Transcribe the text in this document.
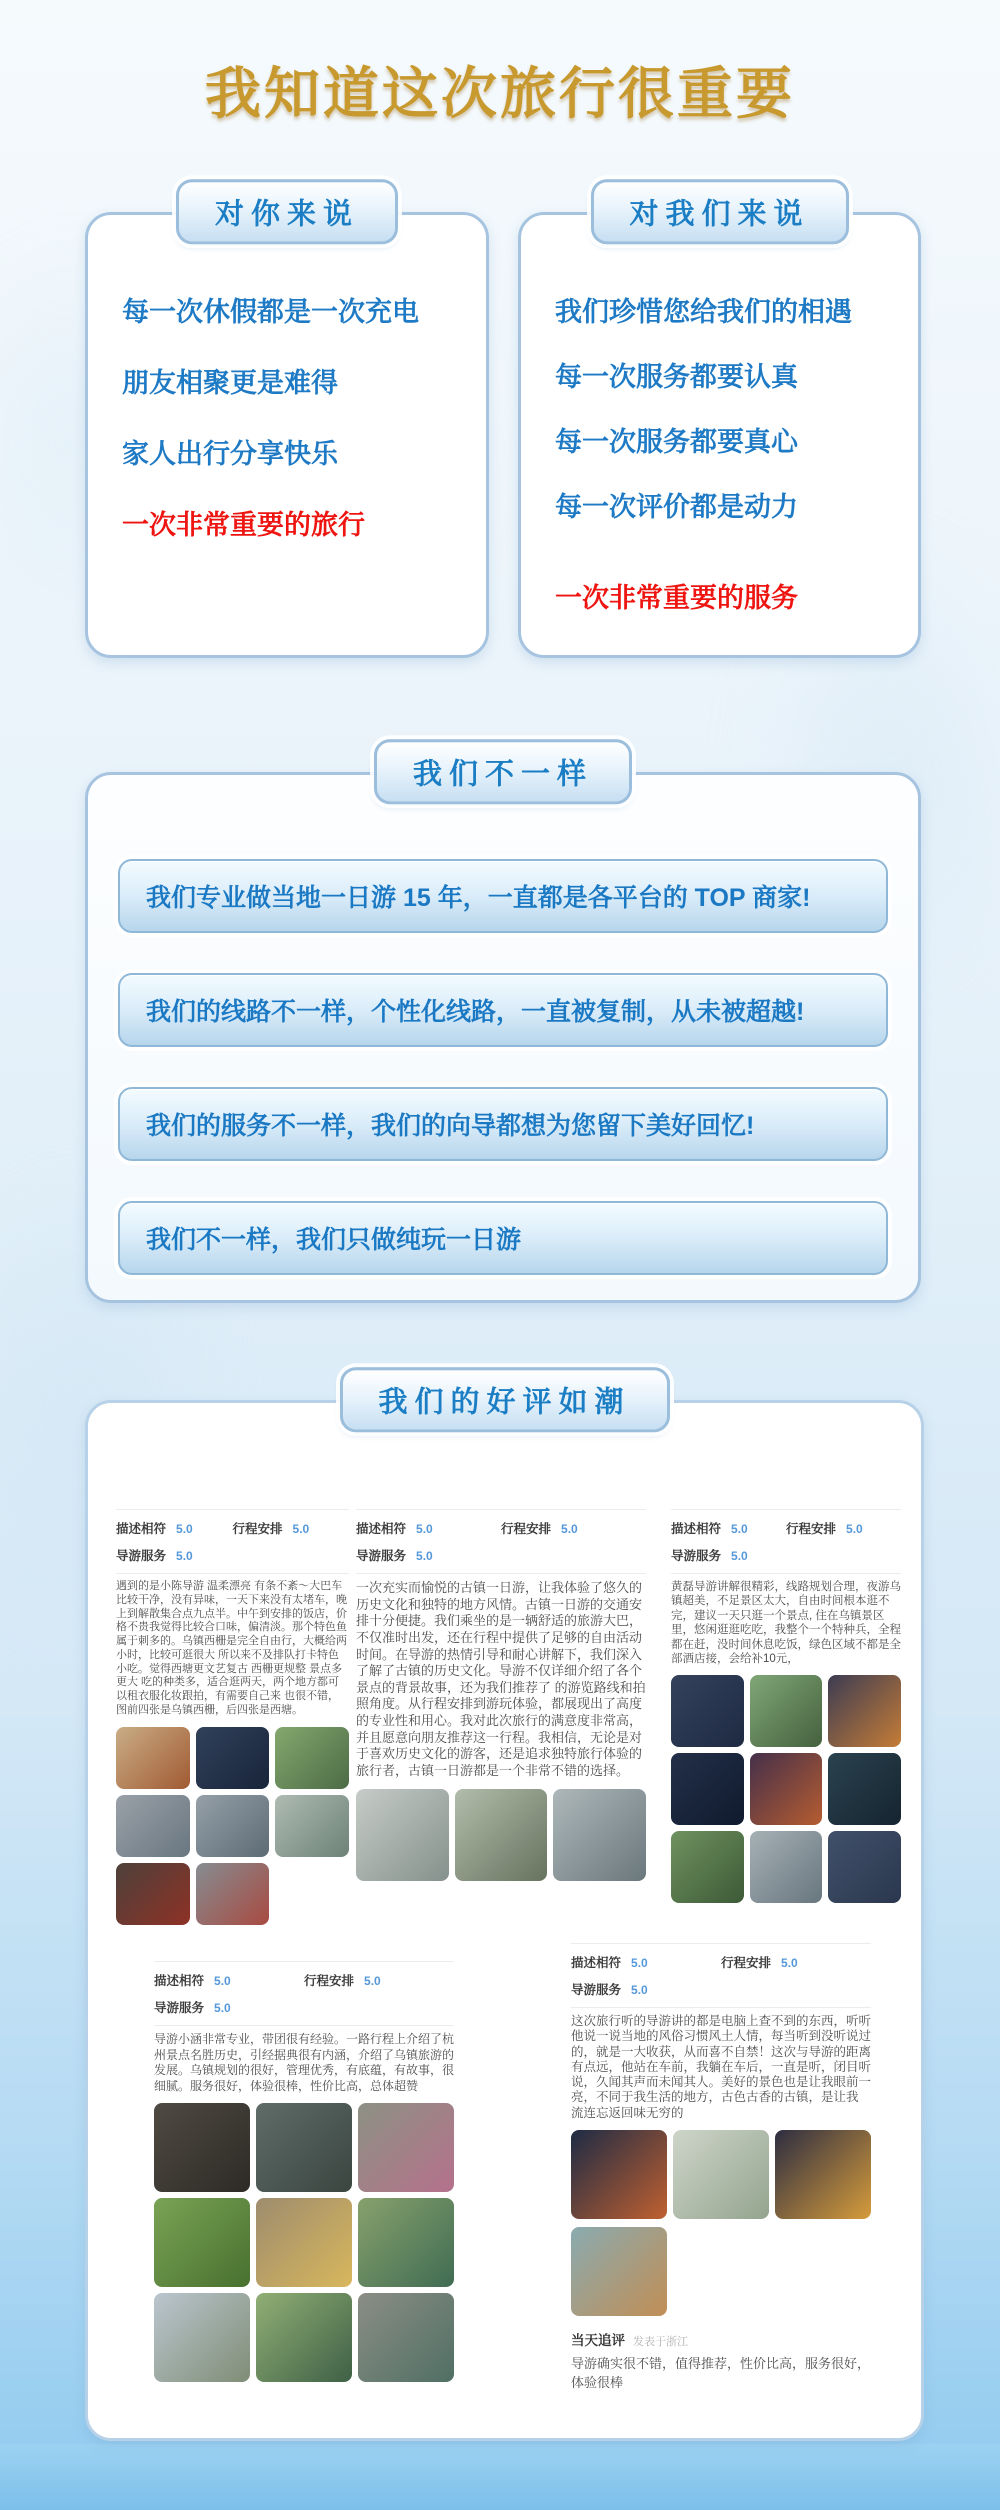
我知道这次旅行很重要
对你来说
每一次休假都是一次充电
朋友相聚更是难得
家人出行分享快乐
一次非常重要的旅行
对我们来说
我们珍惜您给我们的相遇
每一次服务都要认真
每一次服务都要真心
每一次评价都是动力
一次非常重要的服务
我们不一样
我们专业做当地一日游 15 年，一直都是各平台的 TOP 商家!
我们的线路不一样，个性化线路，一直被复制，从未被超越!
我们的服务不一样，我们的向导都想为您留下美好回忆!
我们不一样，我们只做纯玩一日游
我们的好评如潮
描述相符 5.0	行程安排 5.0
导游服务 5.0
遇到的是小陈导游 温柔漂亮 有条不紊～大巴车比较干净，没有异味，一天下来没有太堵车，晚上到解散集合点九点半。中午到安排的饭店，价格不贵我觉得比较合口味，偏清淡。那个特色鱼属于刺多的。乌镇西栅是完全自由行，大概给两小时，比较可逛很大 所以来不及排队打卡特色小吃。觉得西塘更文艺复古 西栅更规整 景点多 更大 吃的种类多，适合逛两天，两个地方都可以租衣服化妆跟拍，有需要自己来 也很不错，图前四张是乌镇西栅，后四张是西塘。
描述相符 5.0	行程安排 5.0
导游服务 5.0
一次充实而愉悦的古镇一日游，让我体验了悠久的历史文化和独特的地方风情。古镇一日游的交通安排十分便捷。我们乘坐的是一辆舒适的旅游大巴，不仅准时出发，还在行程中提供了足够的自由活动时间。在导游的热情引导和耐心讲解下，我们深入了解了古镇的历史文化。导游不仅详细介绍了各个景点的背景故事，还为我们推荐了 的游览路线和拍照角度。从行程安排到游玩体验，都展现出了高度的专业性和用心。我对此次旅行的满意度非常高，并且愿意向朋友推荐这一行程。我相信，无论是对于喜欢历史文化的游客，还是追求独特旅行体验的旅行者，古镇一日游都是一个非常不错的选择。
描述相符 5.0	行程安排 5.0
导游服务 5.0
黄磊导游讲解很精彩，线路规划合理，夜游乌镇超美，不足景区太大，自由时间根本逛不完，建议一天只逛一个景点, 住在乌镇景区里，悠闲逛逛吃吃，我整个一个特种兵，全程都在赶，没时间休息吃饭，绿色区域不都是全部酒店接，会给补10元，
描述相符 5.0	行程安排 5.0
导游服务 5.0
导游小涵非常专业，带团很有经验。一路行程上介绍了杭州景点名胜历史，引经据典很有内涵，介绍了乌镇旅游的发展。乌镇规划的很好，管理优秀，有底蕴，有故事，很细腻。服务很好，体验很棒，性价比高，总体超赞
描述相符 5.0	行程安排 5.0
导游服务 5.0
这次旅行听的导游讲的都是电脑上查不到的东西，听听他说一说当地的风俗习惯风土人情，每当听到没听说过的，就是一大收获，从而喜不自禁！这次与导游的距离有点远，他站在车前，我躺在车后，一直是听，闭目听说，久闻其声而未闻其人。美好的景色也是让我眼前一亮，不同于我生活的地方，古色古香的古镇，是让我 流连忘返回味无穷的
当天追评 发表于浙江
导游确实很不错，值得推荐，性价比高，服务很好，体验很棒
